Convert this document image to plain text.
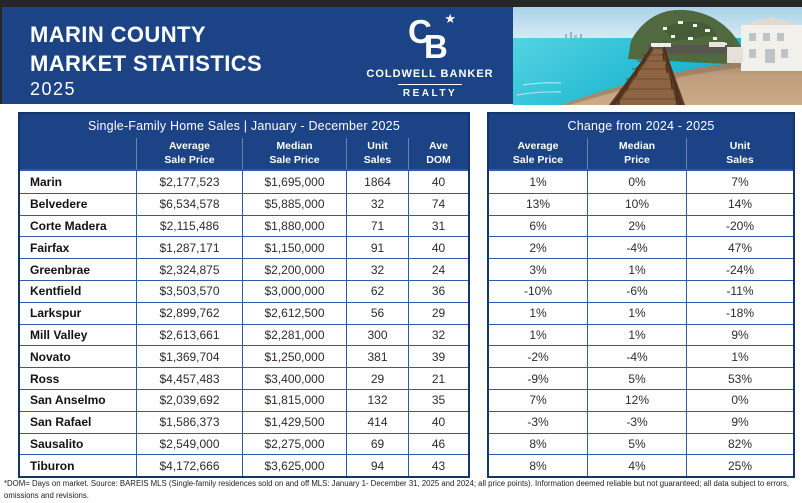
MARIN COUNTY
MARKET STATISTICS
2025
C
B
★
COLDWELL BANKER
REALTY
Single-Family Home Sales | January - December 2025
Average
Sale Price
Median
Sale Price
Unit
Sales
Ave
DOM
Marin	$2,177,523	$1,695,000	1864	40
Belvedere	$6,534,578	$5,885,000	32	74
Corte Madera	$2,115,486	$1,880,000	71	31
Fairfax	$1,287,171	$1,150,000	91	40
Greenbrae	$2,324,875	$2,200,000	32	24
Kentfield	$3,503,570	$3,000,000	62	36
Larkspur	$2,899,762	$2,612,500	56	29
Mill Valley	$2,613,661	$2,281,000	300	32
Novato	$1,369,704	$1,250,000	381	39
Ross	$4,457,483	$3,400,000	29	21
San Anselmo	$2,039,692	$1,815,000	132	35
San Rafael	$1,586,373	$1,429,500	414	40
Sausalito	$2,549,000	$2,275,000	69	46
Tiburon	$4,172,666	$3,625,000	94	43
Change from 2024 - 2025
Average
Sale Price
Median
Price
Unit
Sales
1%	0%	7%
13%	10%	14%
6%	2%	-20%
2%	-4%	47%
3%	1%	-24%
-10%	-6%	-11%
1%	1%	-18%
1%	1%	9%
-2%	-4%	1%
-9%	5%	53%
7%	12%	0%
-3%	-3%	9%
8%	5%	82%
8%	4%	25%
*DOM= Days on market. Source: BAREIS MLS (Single-family residences sold on and off MLS: January 1- December 31, 2025 and 2024; all price points). Information deemed reliable but not guaranteed; all data subject to errors, omissions and revisions.
